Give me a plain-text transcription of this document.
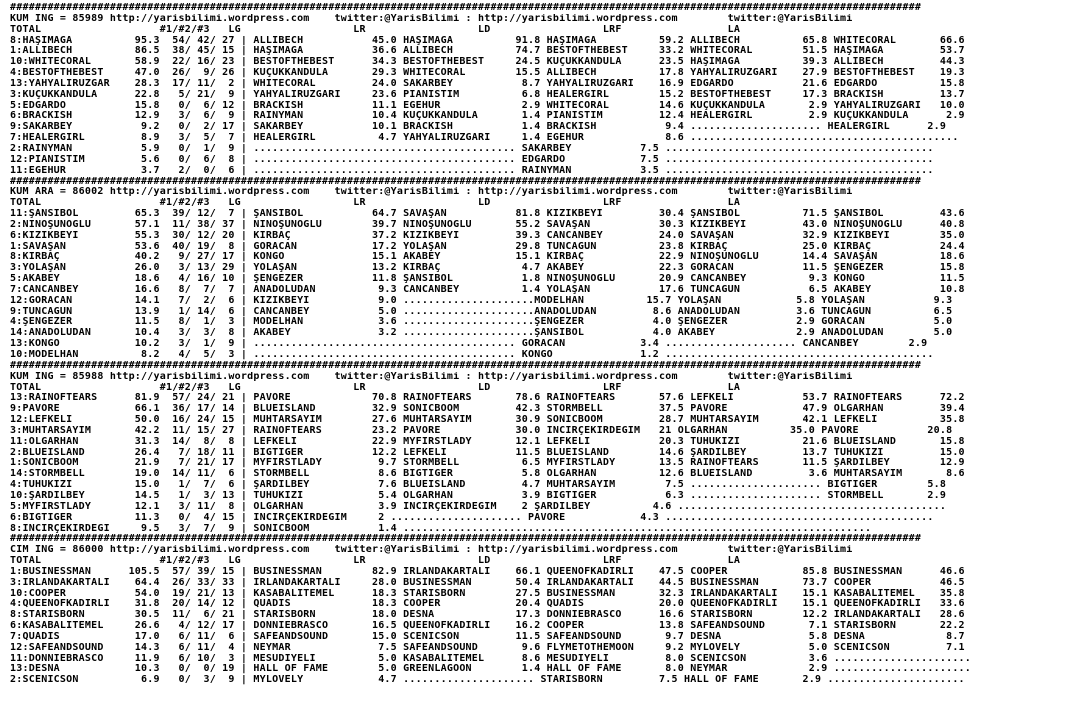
##################################################################################################################################################
KUM ING = 85989 http://yarisbilimi.wordpress.com    twitter:@YarisBilimi : http://yarisbilimi.wordpress.com        twitter:@YarisBilimi
TOTAL                   #1/#2/#3   LG                  LR                  LD                  LRF                 LA
8:HAŞİMAĞA          95.3  54/ 42/ 27 | ALLIBECH           45.0 HAŞİMAĞA          91.8 HAŞİMAĞA          59.2 ALLIBECH          65.8 WHITECORAL       66.6
1:ALLIBECH          86.5  38/ 45/ 15 | HAŞİMAĞA           36.6 ALLIBECH          74.7 BESTOFTHEBEST     33.2 WHITECORAL        51.5 HAŞİMAĞA         53.7
10:WHITECORAL       58.9  22/ 16/ 23 | BESTOFTHEBEST      34.3 BESTOFTHEBEST     24.5 KÜÇÜKKANDULA      23.5 HAŞİMAĞA          39.3 ALLIBECH         44.3
4:BESTOFTHEBEST     47.0  26/  9/ 26 | KÜÇÜKKANDULA       29.3 WHITECORAL        15.5 ALLIBECH          17.8 YAHYALIRÜZGARI    27.9 BESTOFTHEBEST    19.3
13:YAHYALIRÜZGAR    28.3  17/ 11/  2 | WHITECORAL         24.0 SAKARBEY           8.7 YAHYALIRÜZGARI    16.9 EDGARDO           21.6 EDGARDO          15.8
3:KÜÇÜKKANDULA      22.8   5/ 21/  9 | YAHYALIRÜZGARI     23.6 PİANİSTİM          6.8 HEALERGIRL        15.2 BESTOFTHEBEST     17.3 BRACKISH         13.7
5:EDGARDO           15.8   0/  6/ 12 | BRACKISH           11.1 EGEHÜR             2.9 WHITECORAL        14.6 KÜÇÜKKANDULA       2.9 YAHYALIRÜZGARI   10.0
6:BRACKISH          12.9   3/  6/  9 | RAINYMAN           10.4 KÜÇÜKKANDULA       1.4 PİANİSTİM         12.4 HEALERGIRL         2.9 KÜÇÜKKANDULA      2.9
9:SAKARBEY           9.2   0/  2/ 17 | SAKARBEY           10.1 BRACKISH           1.4 BRACKISH           9.4 ..................... HEALERGIRL      2.9
7:HEALERGIRL         8.9   3/  5/  7 | HEALERGIRL          4.7 YAHYALIRÜZGARI     1.4 EGEHÜR             8.6 ...........................................
2:RAINYMAN           5.9   0/  1/  9 | .......................................... SAKARBEY           7.5 ...........................................
12:PİANİSTİM         5.6   0/  6/  8 | .......................................... EDGARDO            7.5 ...........................................
11:EGEHÜR            3.7   2/  0/  6 | .......................................... RAINYMAN           3.5 ...........................................
##################################################################################################################################################
KUM ARA = 86002 http://yarisbilimi.wordpress.com    twitter:@YarisBilimi : http://yarisbilimi.wordpress.com        twitter:@YarisBilimi
TOTAL                   #1/#2/#3   LG                  LR                  LD                  LRF                 LA
11:ŞANSIBOL         65.3  39/ 12/  7 | ŞANSIBOL           64.7 SAVAŞAN           81.8 KIZIKBEYİ         30.4 ŞANSIBOL          71.5 ŞANSIBOL         43.6
2:NİNOŞUNOĞLU       57.1  11/ 38/ 37 | NİNOŞUNOĞLU        39.7 NİNOŞUNOĞLU       55.2 SAVAŞAN           30.3 KIZIKBEYİ         43.0 NİNOŞUNOĞLU      40.8
6:KIZIKBEYİ         55.3  30/ 12/ 20 | KIRBAÇ             37.2 KIZIKBEYİ         39.3 CANCANBEY         24.0 SAVAŞAN           32.9 KIZIKBEYİ        35.0
1:SAVAŞAN           53.6  40/ 19/  8 | GORACAN            17.2 YOLAŞAN           29.8 TUNCAGÜN          23.8 KIRBAÇ            25.0 KIRBAÇ           24.4
8:KIRBAÇ            40.2   9/ 27/ 17 | KONGO              15.1 AKABEY            15.1 KIRBAÇ            22.9 NİNOŞUNOĞLU       14.4 SAVAŞAN          18.6
3:YOLAŞAN           26.0   3/ 13/ 29 | YOLAŞAN            13.2 KIRBAÇ             4.7 AKABEY            22.3 GORACAN           11.5 ŞENGEZER         15.8
5:AKABEY            18.6   4/ 16/ 10 | ŞENGEZER           11.8 ŞANSIBOL           1.8 NİNOŞUNOĞLU       20.9 CANCANBEY          9.3 KONGO            11.5
7:CANCANBEY         16.6   8/  7/  7 | ANADOLUDAN          9.3 CANCANBEY          1.4 YOLAŞAN           17.6 TUNCAGÜN           6.5 AKABEY           10.8
12:GORACAN          14.1   7/  2/  6 | KIZIKBEYİ           9.0 .....................MODELHAN          15.7 YOLAŞAN            5.8 YOLAŞAN           9.3
9:TUNCAGÜN          13.9   1/ 14/  6 | CANCANBEY           5.0 .....................ANADOLUDAN         8.6 ANADOLUDAN         3.6 TUNCAGÜN          6.5
4:ŞENGEZER          11.5   8/  1/  3 | MODELHAN            3.6 .....................ŞENGEZER           4.0 ŞENGEZER           2.9 GORACAN           5.0
14:ANADOLUDAN       10.4   3/  3/  8 | AKABEY              3.2 .....................ŞANSIBOL           4.0 AKABEY             2.9 ANADOLUDAN        5.0
13:KONGO            10.2   3/  1/  9 | .......................................... GORACAN            3.4 ..................... CANCANBEY        2.9
10:MODELHAN          8.2   4/  5/  3 | .......................................... KONGO              1.2 ...........................................
##################################################################################################################################################
KUM ING = 85988 http://yarisbilimi.wordpress.com    twitter:@YarisBilimi : http://yarisbilimi.wordpress.com        twitter:@YarisBilimi
TOTAL                   #1/#2/#3   LG                  LR                  LD                  LRF                 LA
13:RAINOFTEARS      81.9  57/ 24/ 21 | PAVORE             70.8 RAINOFTEARS       78.6 RAINOFTEARS       57.6 LEFKELİ           53.7 RAINOFTEARS      72.2
9:PAVORE            66.1  36/ 17/ 14 | BLUEISLAND         32.9 SONICBOOM         42.3 STORMBELL         37.5 PAVORE            47.9 OLGARHAN         39.4
12:LEFKELİ          50.0  16/ 24/ 15 | MUHTARSAYİM        27.6 MUHTARSAYİM       30.9 SONICBOOM         28.7 MUHTARSAYİM       42.1 LEFKELİ          35.8
3:MUHTARSAYİM       42.2  11/ 15/ 27 | RAINOFTEARS        23.2 PAVORE            30.0 İNCİRÇEKİRDEĞİM   21 OLGARHAN          35.0 PAVORE           20.8
11:OLGARHAN         31.3  14/  8/  8 | LEFKELİ            22.9 MYFIRSTLADY       12.1 LEFKELİ           20.3 TUHUKIZI          21.6 BLUEISLAND       15.8
2:BLUEISLAND        26.4   7/ 18/ 11 | BIGTIGER           12.2 LEFKELİ           11.5 BLUEISLAND        14.6 ŞARDILBEY         13.7 TUHUKIZI         15.0
1:SONICBOOM         21.9   7/ 21/ 17 | MYFIRSTLADY         9.7 STORMBELL          6.5 MYFIRSTLADY       13.5 RAINOFTEARS       11.5 ŞARDILBEY        12.9
14:STORMBELL        19.0  14/ 11/  6 | STORMBELL           8.6 BIGTIGER           5.8 OLGARHAN          12.6 BLUEISLAND         3.6 MUHTARSAYİM       8.6
4:TUHUKIZI          15.0   1/  7/  6 | ŞARDILBEY           7.6 BLUEISLAND         4.7 MUHTARSAYİM        7.5 ..................... BIGTIGER        5.8
10:ŞARDILBEY        14.5   1/  3/ 13 | TUHUKIZI            5.4 OLGARHAN           3.9 BIGTIGER           6.3 ..................... STORMBELL       2.9
5:MYFIRSTLADY       12.1   3/ 11/  8 | OLGARHAN            3.9 İNCİRÇEKİRDEĞİM    2 ŞARDILBEY          4.6 ...........................................
6:BIGTIGER          11.3   0/  4/ 15 | İNCİRÇEKİRDEĞİM     2 ..................... PAVORE            4.3 ...........................................
8:İNCİRÇEKİRDEĞİ     9.5   3/  7/  9 | SONICBOOM           1.4 ...........................................................................
##################################################################################################################################################
CIM ING = 86000 http://yarisbilimi.wordpress.com    twitter:@YarisBilimi : http://yarisbilimi.wordpress.com        twitter:@YarisBilimi
TOTAL                   #1/#2/#3   LG                  LR                  LD                  LRF                 LA
1:BUSINESSMAN      105.5  57/ 39/ 15 | BUSINESSMAN        82.9 İRLANDAKARTALI    66.1 QUEENOFKADİRLİ    47.5 COOPER            85.8 BUSINESSMAN      46.6
3:İRLANDAKARTALI    64.4  26/ 33/ 33 | İRLANDAKARTALI     28.0 BUSINESSMAN       50.4 İRLANDAKARTALI    44.5 BUSINESSMAN       73.7 COOPER           46.5
10:COOPER           54.0  19/ 21/ 13 | KASABALITEMEL      18.3 STARISBORN        27.5 BUSINESSMAN       32.3 İRLANDAKARTALI    15.1 KASABALITEMEL    35.8
4:QUEENOFKADİRLİ    31.8  20/ 14/ 12 | QUADIS             18.3 COOPER            20.4 QUADIS            20.0 QUEENOFKADİRLİ    15.1 QUEENOFKADİRLİ   33.6
8:STARISBORN        30.5  11/  6/ 21 | STARISBORN         18.0 DESNA             17.3 DONNIEBRASCO      16.6 STARISBORN        12.2 İRLANDAKARTALI   28.6
6:KASABALITEMEL     26.6   4/ 12/ 17 | DONNIEBRASCO       16.5 QUEENOFKADİRLİ    16.2 COOPER            13.8 SAFEANDSOUND       7.1 STARISBORN       22.2
7:QUADIS            17.0   6/ 11/  6 | SAFEANDSOUND       15.0 SCENICSON         11.5 SAFEANDSOUND       9.7 DESNA              5.8 DESNA             8.7
12:SAFEANDSOUND     14.3   6/ 11/  4 | NEYMAR              7.5 SAFEANDSOUND       9.6 FLYMETOTHEMOON     9.2 MYLOVELY           5.0 SCENICSON         7.1
11:DONNIEBRASCO     11.9   6/ 10/  3 | MESUDİYELİ          5.0 KASABALITEMEL      8.6 MESUDİYELİ         8.0 SCENICSON          3.6 ......................
13:DESNA            10.3   0/  0/ 19 | HALL OF FAME        5.0 GREENLAGOON        1.4 HALL OF FAME       8.0 NEYMAR             2.9 ......................
2:SCENICSON          6.9   0/  3/  9 | MYLOVELY            4.7 ..................... STARISBORN         7.5 HALL OF FAME       2.9 ......................
